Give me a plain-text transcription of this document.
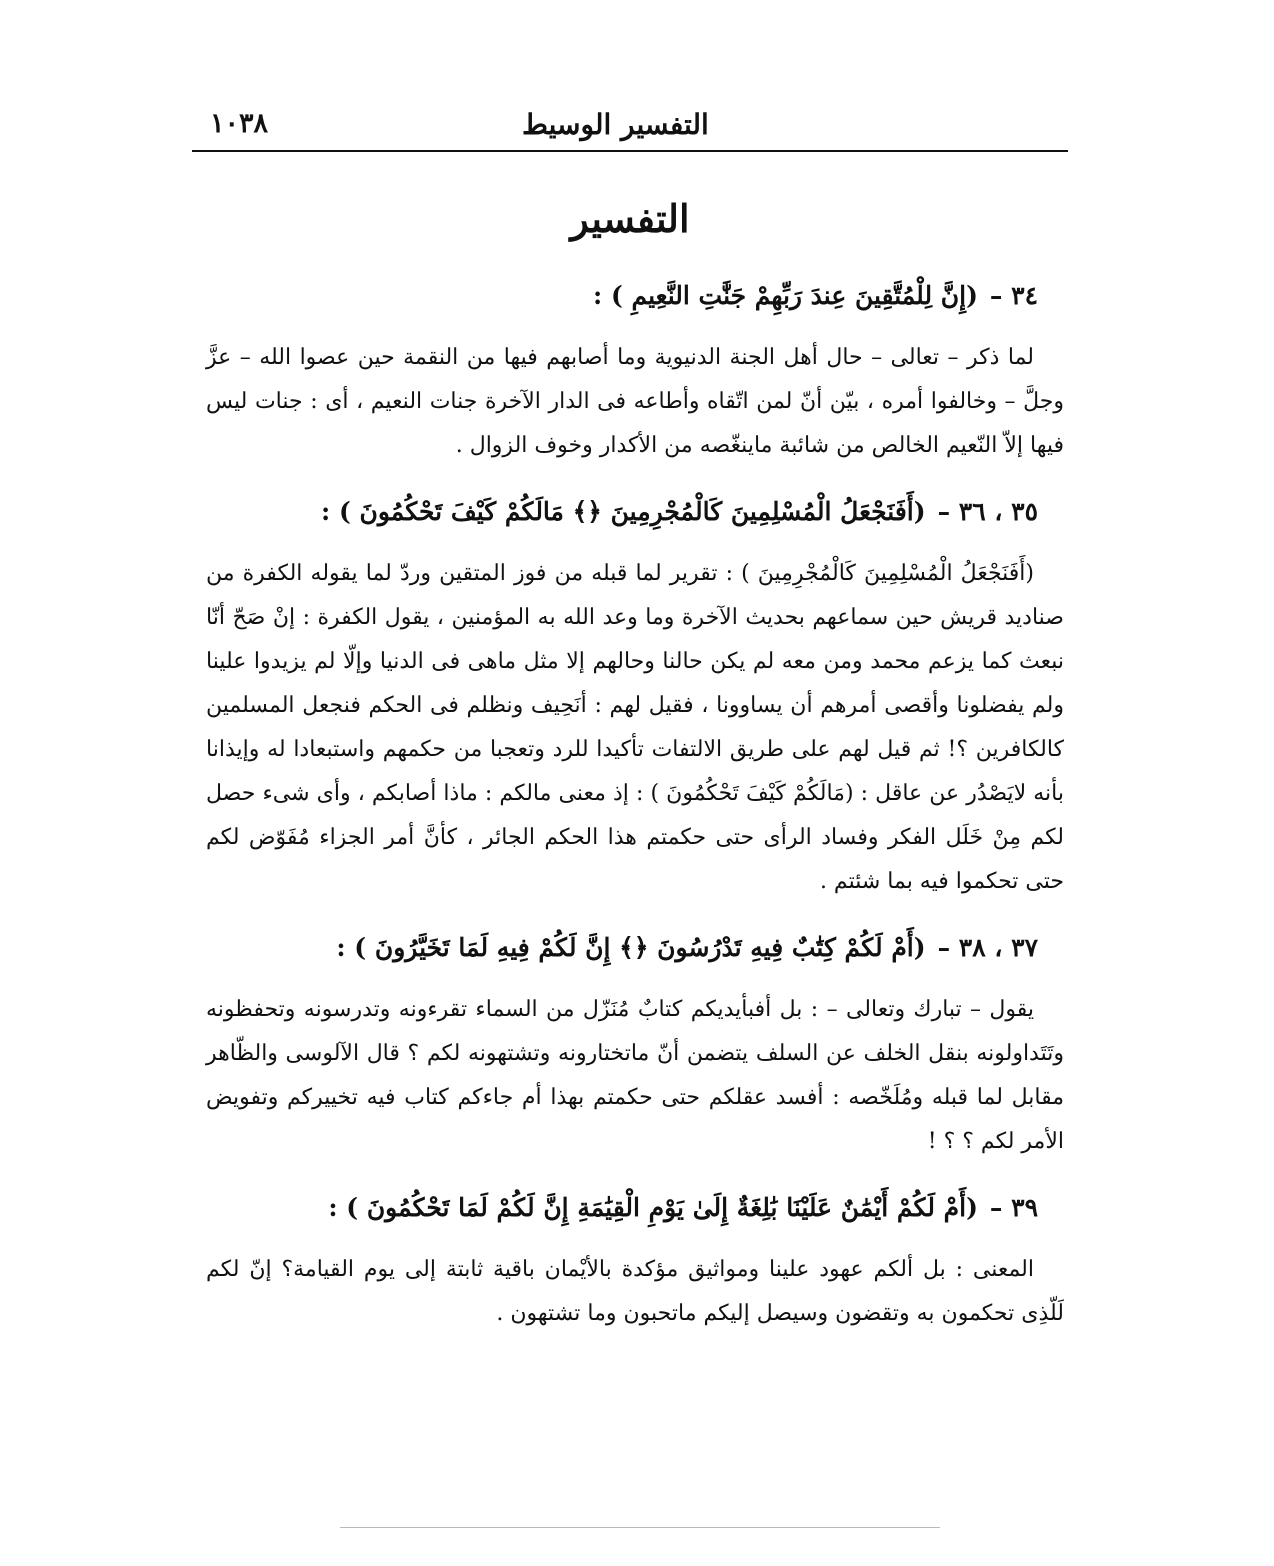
١٠٣٨	التفسير الوسيط
التفسير
٣٤ –(إِنَّ لِلْمُتَّقِينَ عِندَ رَبِّهِمْ جَنَّٰتِ النَّعِيمِ ) :

لما ذكر – تعالى – حال أهل الجنة الدنيوية وما أصابهم فيها من النقمة حين عصوا الله – عزَّ وجلَّ – وخالفوا أمره ، بيّن أنّ لمن اتّقاه وأطاعه فى الدار الآخرة جنات النعيم ، أى : جنات ليس فيها إلاّ النّعيم الخالص من شائبة ماينغّصه من الأكدار وخوف الزوال .

٣٥ ، ٣٦ –(أَفَنَجْعَلُ الْمُسْلِمِينَ كَالْمُجْرِمِينَ ﴿﴾ مَالَكُمْ كَيْفَ تَحْكُمُونَ ) :

(أَفَنَجْعَلُ الْمُسْلِمِينَ كَالْمُجْرِمِينَ ) : تقرير لما قبله من فوز المتقين وردّ لما يقوله الكفرة من صناديد قريش حين سماعهم بحديث الآخرة وما وعد الله به المؤمنين ، يقول الكفرة : إنْ صَحّ أنّا نبعث كما يزعم محمد ومن معه لم يكن حالنا وحالهم إلا مثل ماهى فى الدنيا وإلّا لم يزيدوا علينا ولم يفضلونا وأقصى أمرهم أن يساوونا ، فقيل لهم : أنَحِيف ونظلم فى الحكم فنجعل المسلمين كالكافرين ؟! ثم قيل لهم على طريق الالتفات تأكيدا للرد وتعجبا من حكمهم واستبعادا له وإيذانا بأنه لايَصْدُر عن عاقل : (مَالَكُمْ كَيْفَ تَحْكُمُونَ ) : إذ معنى مالكم : ماذا أصابكم ، وأى شىء حصل لكم مِنْ خَلَل الفكر وفساد الرأى حتى حكمتم هذا الحكم الجائر ، كأنَّ أمر الجزاء مُفَوّض لكم حتى تحكموا فيه بما شئتم .

٣٧ ، ٣٨ –(أَمْ لَكُمْ كِتَٰبٌ فِيهِ تَدْرُسُونَ ﴿﴾ إِنَّ لَكُمْ فِيهِ لَمَا تَخَيَّرُونَ ) :

يقول – تبارك وتعالى – : بل أفبأيديكم كتابٌ مُنَزّل من السماء تقرءونه وتدرسونه وتحفظونه وتَتَداولونه بنقل الخلف عن السلف يتضمن أنّ ماتختارونه وتشتهونه لكم ؟ قال الآلوسى والظّاهر مقابل لما قبله ومُلَخّصه : أفسد عقلكم حتى حكمتم بهذا أم جاءكم كتاب فيه تخييركم وتفويض الأمر لكم ؟ ؟ !

٣٩ –(أَمْ لَكُمْ أَيْمَٰنٌ عَلَيْنَا بَٰلِغَةٌ إِلَىٰ يَوْمِ الْقِيَٰمَةِ إِنَّ لَكُمْ لَمَا تَحْكُمُونَ ) :

المعنى : بل ألكم عهود علينا ومواثيق مؤكدة بالأيْمان باقية ثابتة إلى يوم القيامة؟ إنّ لكم لَلّذِى تحكمون به وتقضون وسيصل إليكم ماتحبون وما تشتهون .
